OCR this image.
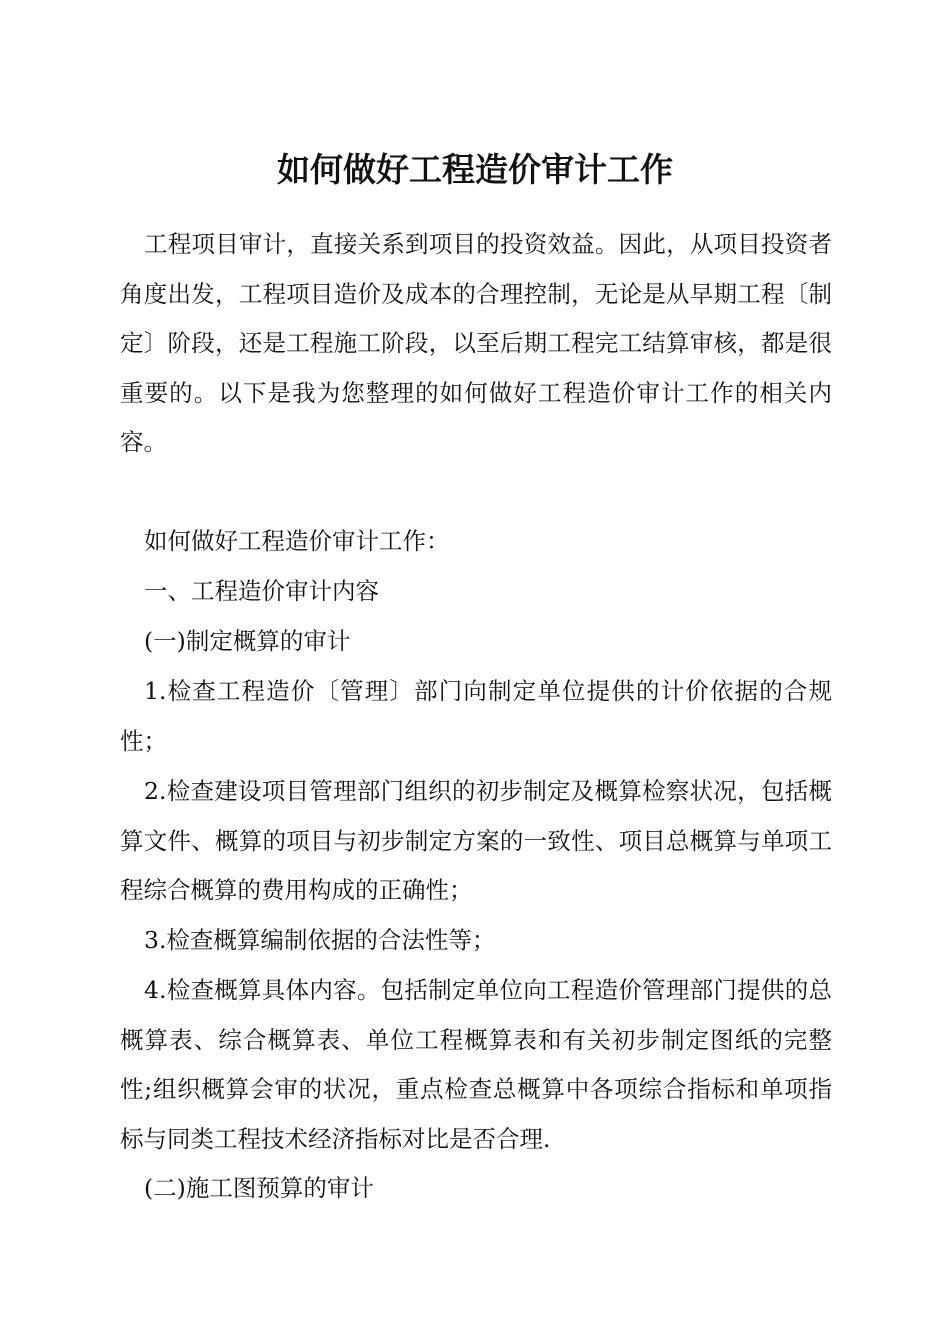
如何做好工程造价审计工作
工程项目审计，直接关系到项目的投资效益。因此，从项目投资者角度出发，工程项目造价及成本的合理控制，无论是从早期工程〔制定〕阶段，还是工程施工阶段，以至后期工程完工结算审核，都是很重要的。以下是我为您整理的如何做好工程造价审计工作的相关内容。
如何做好工程造价审计工作：
一、工程造价审计内容
(一)制定概算的审计
1.检查工程造价〔管理〕部门向制定单位提供的计价依据的合规性；
2.检查建设项目管理部门组织的初步制定及概算检察状况，包括概算文件、概算的项目与初步制定方案的一致性、项目总概算与单项工程综合概算的费用构成的正确性；
3.检查概算编制依据的合法性等；
4.检查概算具体内容。包括制定单位向工程造价管理部门提供的总概算表、综合概算表、单位工程概算表和有关初步制定图纸的完整性;组织概算会审的状况，重点检查总概算中各项综合指标和单项指标与同类工程技术经济指标对比是否合理.
(二)施工图预算的审计
